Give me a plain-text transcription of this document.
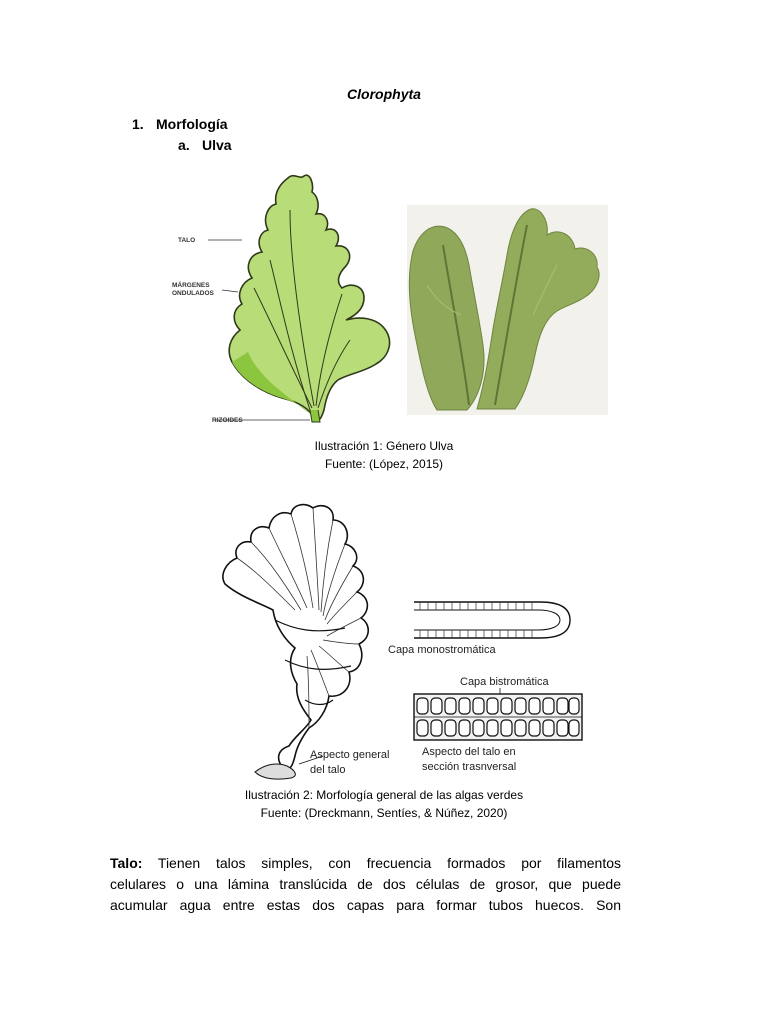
Clorophyta
1. Morfología
a. Ulva
TALO
MÁRGENES
ONDULADOS
RIZOIDES
Ilustración 1: Género Ulva
Fuente: (López, 2015)
Capa monostromática
Capa bistromática
Aspecto del talo en
sección trasnversal
Aspecto general
del talo
Ilustración 2: Morfología general de las algas verdes
Fuente: (Dreckmann, Sentíes, & Núñez, 2020)
Talo: Tienen talos simples, con frecuencia formados por filamentos
celulares o una lámina translúcida de dos células de grosor, que puede
acumular agua entre estas dos capas para formar tubos huecos. Son
